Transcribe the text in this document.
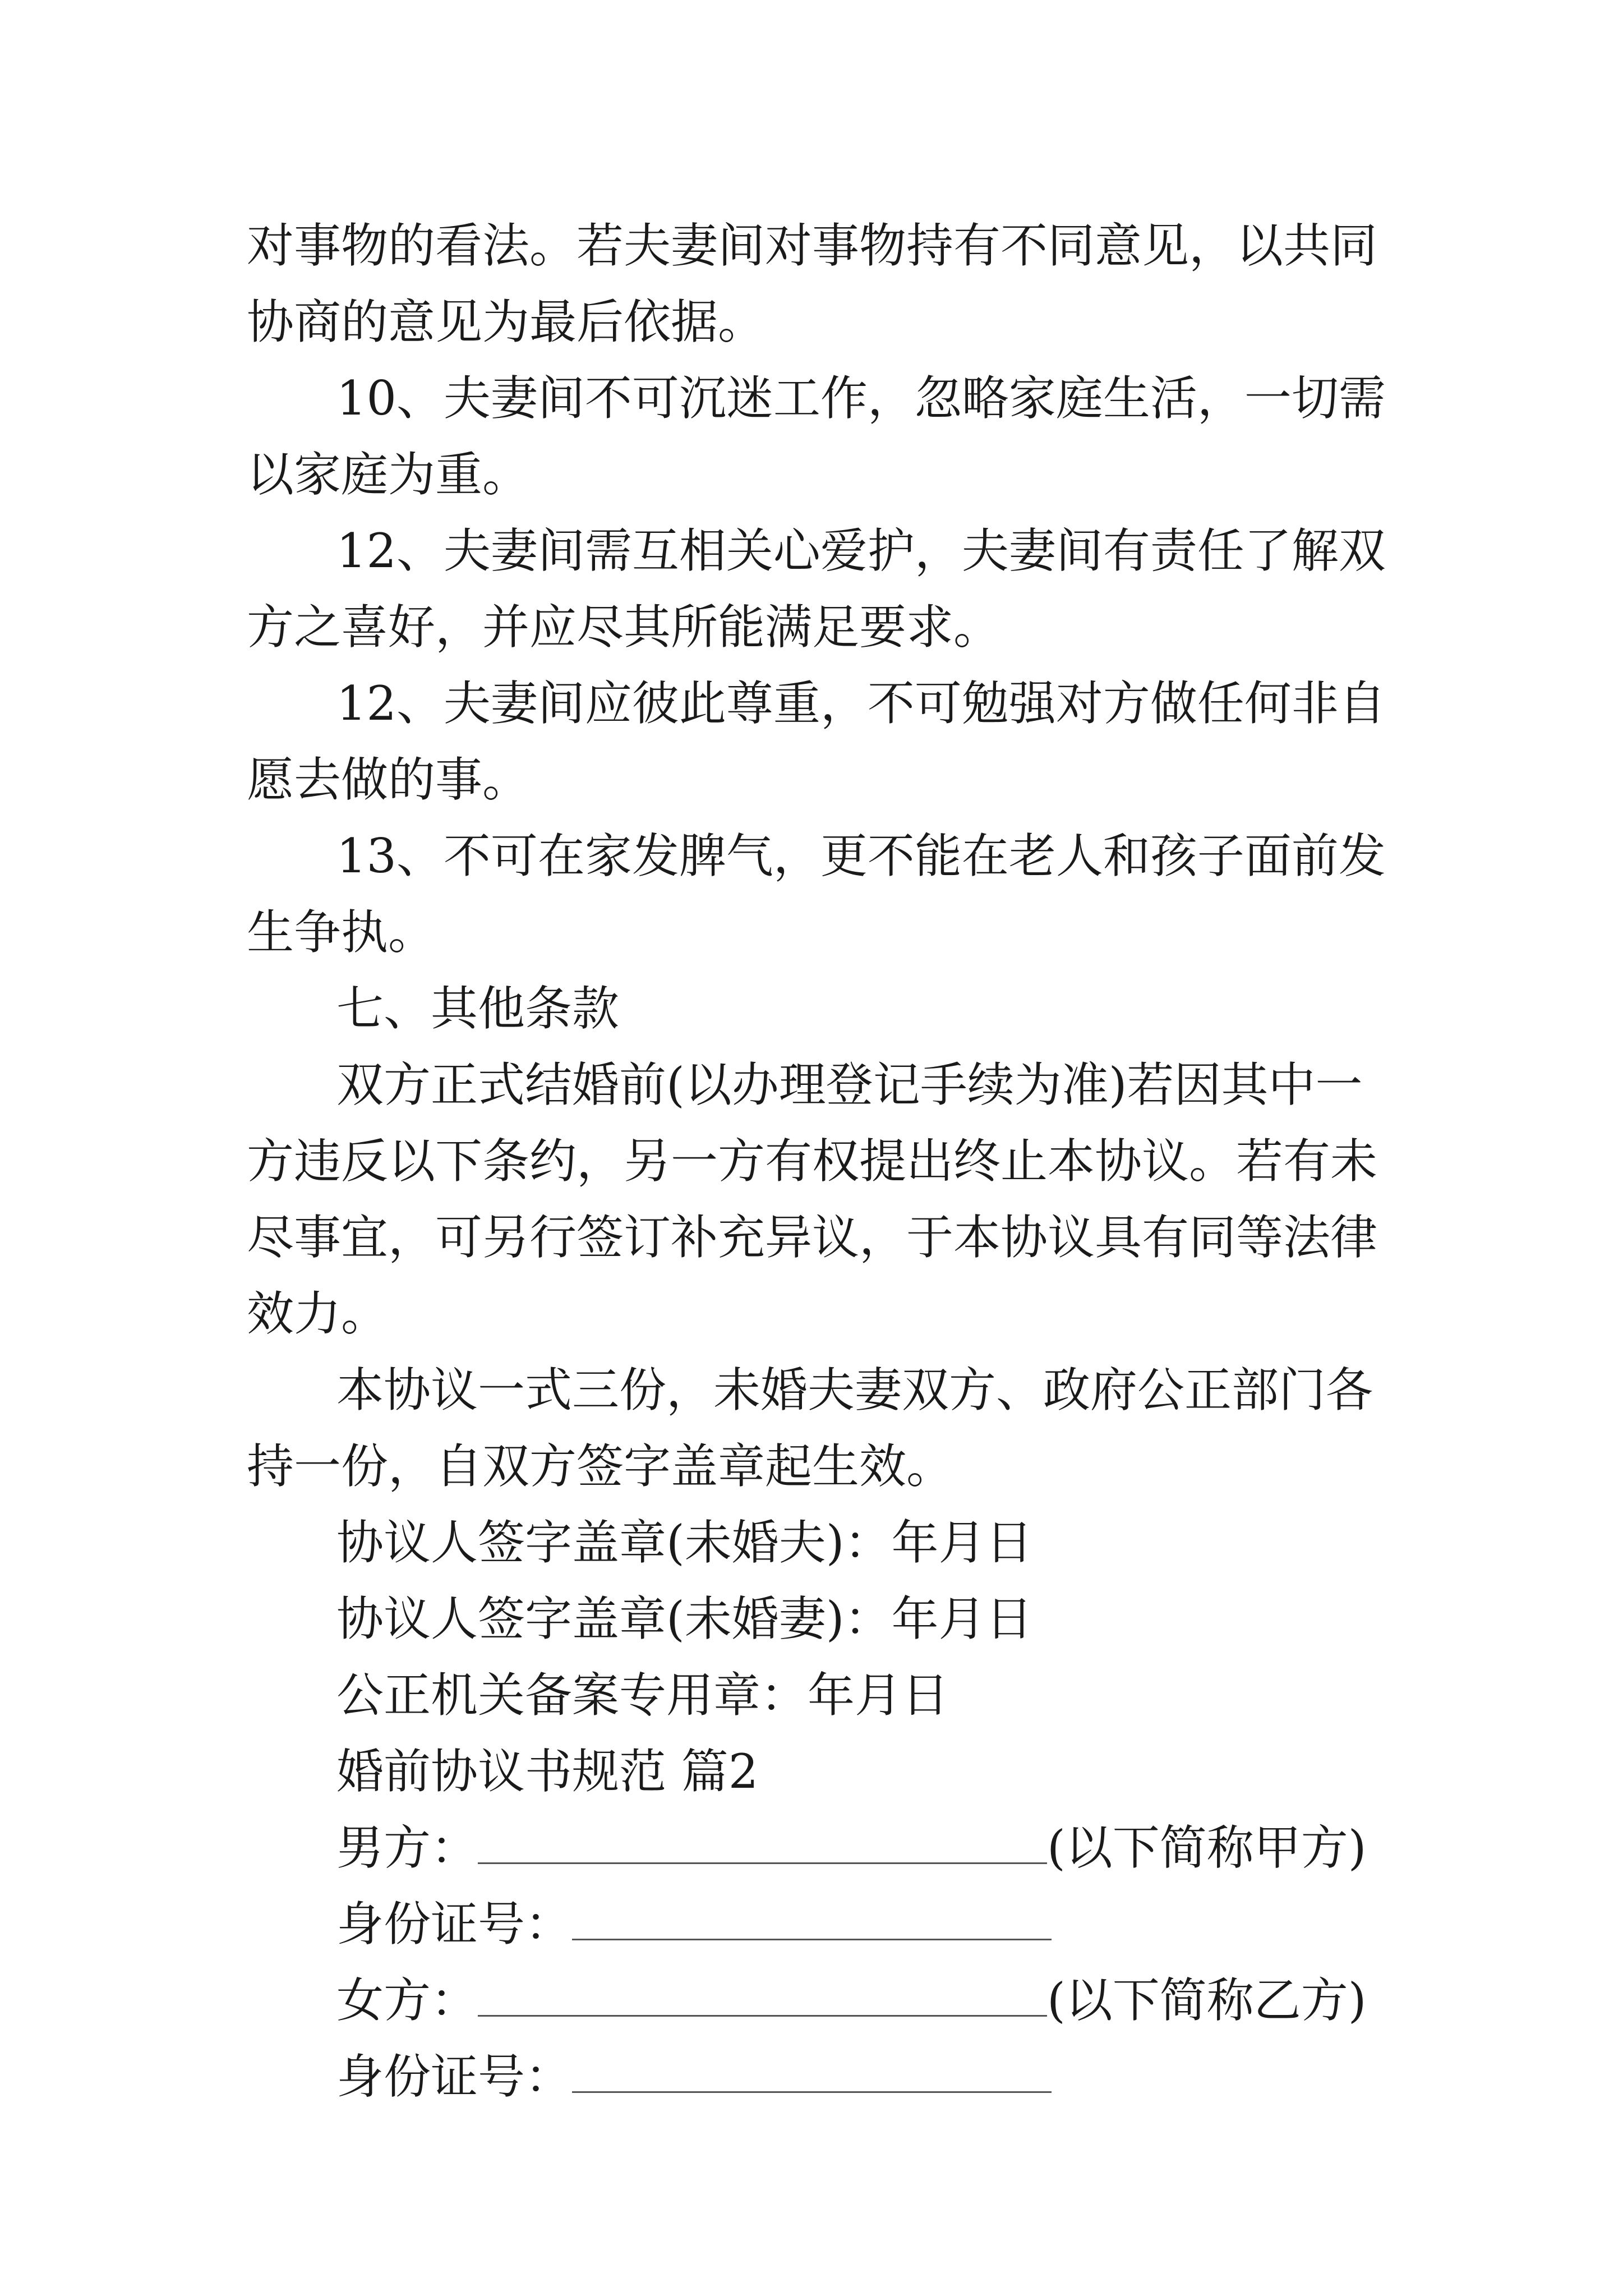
对事物的看法。若夫妻间对事物持有不同意见，以共同协商的意见为最后依据。

10、夫妻间不可沉迷工作，忽略家庭生活，一切需以家庭为重。

12、夫妻间需互相关心爱护，夫妻间有责任了解双方之喜好，并应尽其所能满足要求。

12、夫妻间应彼此尊重，不可勉强对方做任何非自愿去做的事。

13、不可在家发脾气，更不能在老人和孩子面前发生争执。

七、其他条款

双方正式结婚前(以办理登记手续为准)若因其中一方违反以下条约，另一方有权提出终止本协议。若有未尽事宜，可另行签订补充异议，于本协议具有同等法律效力。

本协议一式三份，未婚夫妻双方、政府公正部门各持一份，自双方签字盖章起生效。

协议人签字盖章(未婚夫)：年月日

协议人签字盖章(未婚妻)：年月日

公正机关备案专用章：年月日

婚前协议书规范 篇2

男方：	(以下简称甲方)

身份证号：

女方：	(以下简称乙方)

身份证号：
